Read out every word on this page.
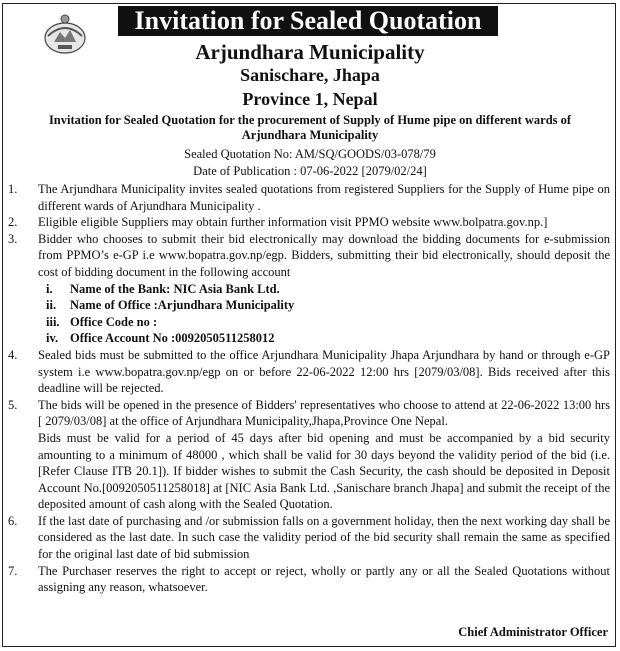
Invitation for Sealed Quotation
Arjundhara Municipality
Sanischare, Jhapa
Province 1, Nepal
Invitation for Sealed Quotation for the procurement of Supply of Hume pipe on different wards of Arjundhara Municipality
Sealed Quotation No: AM/SQ/GOODS/03-078/79
Date of Publication : 07-06-2022 [2079/02/24]
1.	The Arjundhara Municipality invites sealed quotations from registered Suppliers for the Supply of Hume pipe on different wards of Arjundhara Municipality .
2.	Eligible eligible Suppliers may obtain further information visit PPMO website www.bolpatra.gov.np.]
3.	Bidder who chooses to submit their bid electronically may download the bidding documents for e-submission from PPMO’s e-GP i.e www.bopatra.gov.np/egp. Bidders, submitting their bid electronically, should deposit the cost of bidding document in the following account
i.	Name of the Bank: NIC Asia Bank Ltd.
ii.	Name of Office :Arjundhara Municipality
iii. Office Code no :
iv. Office Account No :0092050511258012
4.	Sealed bids must be submitted to the office Arjundhara Municipality Jhapa Arjundhara by hand or through e-GP system i.e www.bopatra.gov.np/egp on or before 22-06-2022 12:00 hrs [2079/03/08]. Bids received after this deadline will be rejected.
5.	The bids will be opened in the presence of Bidders' representatives who choose to attend at 22-06-2022 13:00 hrs [ 2079/03/08] at the office of Arjundhara Municipality,Jhapa,Province One Nepal.
Bids must be valid for a period of 45 days after bid opening and must be accompanied by a bid security amounting to a minimum of 48000 , which shall be valid for 30 days beyond the validity period of the bid (i.e. [Refer Clause ITB 20.1]). If bidder wishes to submit the Cash Security, the cash should be deposited in Deposit Account No.[0092050511258018] at [NIC Asia Bank Ltd. ,Sanischare branch Jhapa] and submit the receipt of the deposited amount of cash along with the Sealed Quotation.
6.	If the last date of purchasing and /or submission falls on a government holiday, then the next working day shall be considered as the last date. In such case the validity period of the bid security shall remain the same as specified for the original last date of bid submission
7.	The Purchaser reserves the right to accept or reject, wholly or partly any or all the Sealed Quotations without assigning any reason, whatsoever.
Chief Administrator Officer
